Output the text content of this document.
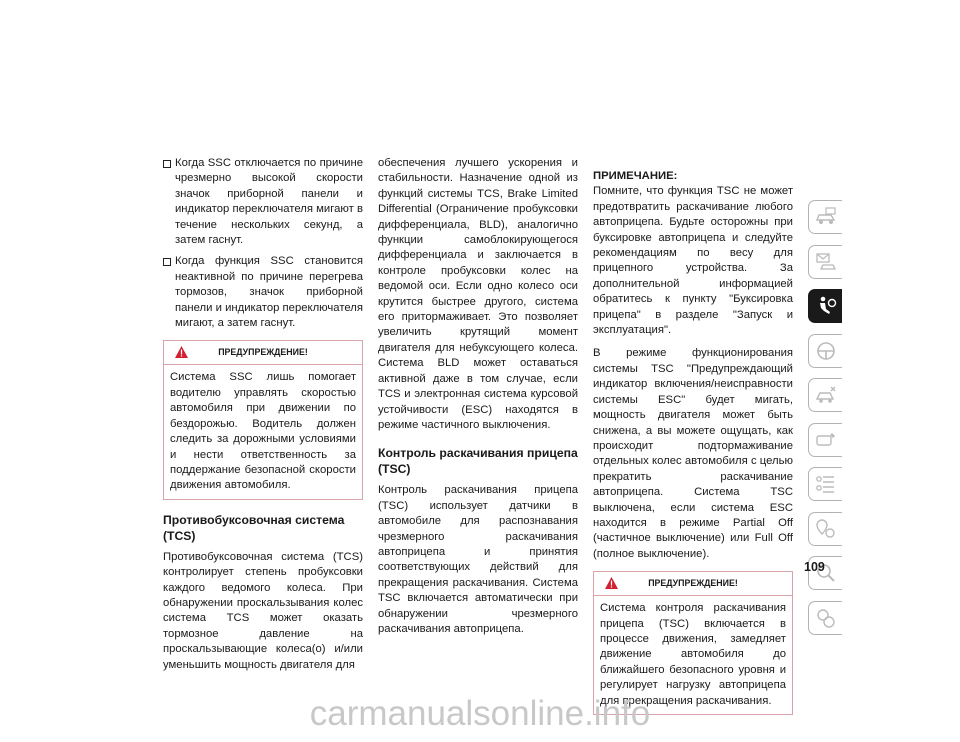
Когда SSC отключается по причине чрезмерно высокой скорости значок приборной панели и индикатор переключателя мигают в течение нескольких секунд, а затем гаснут.
Когда функция SSC становится неактивной по причине перегрева тормозов, значок приборной панели и индикатор переключателя мигают, а затем гаснут.
ПРЕДУПРЕЖДЕНИЕ!
Система SSC лишь помогает водителю управлять скоростью автомобиля при движении по бездорожью. Водитель должен следить за дорожными условиями и нести ответственность за поддержание безопасной скорости движения автомобиля.
Противобуксовочная система (TCS)

Противобуксовочная система (TCS) контролирует степень пробуксовки каждого ведомого колеса. При обнаружении проскальзывания колес система TCS может оказать тормозное давление на проскальзывающие колеса(о) и/или уменьшить мощность двигателя для

обеспечения лучшего ускорения и стабильности. Назначение одной из функций системы TCS, Brake Limited Differential (Ограничение пробуксовки дифференциала, BLD), аналогично функции самоблокирующегося дифференциала и заключается в контроле пробуксовки колес на ведомой оси. Если одно колесо оси крутится быстрее другого, система его притормаживает. Это позволяет увеличить крутящий момент двигателя для небуксующего колеса. Система BLD может оставаться активной даже в том случае, если TCS и электронная система курсовой устойчивости (ESC) находятся в режиме частичного выключения.

Контроль раскачивания прицепа (TSC)

Контроль раскачивания прицепа (TSC) использует датчики в автомобиле для распознавания чрезмерного раскачивания автоприцепа и принятия соответствующих действий для прекращения раскачивания. Система TSC включается автоматически при обнаружении чрезмерного раскачивания автоприцепа.

ПРИМЕЧАНИЕ:

Помните, что функция TSC не может предотвратить раскачивание любого автоприцепа. Будьте осторожны при буксировке автоприцепа и следуйте рекомендациям по весу для прицепного устройства. За дополнительной информацией обратитесь к пункту "Буксировка прицепа" в разделе "Запуск и эксплуатация".

В режиме функционирования системы TSC "Предупреждающий индикатор включения/неисправности системы ESC" будет мигать, мощность двигателя может быть снижена, а вы можете ощущать, как происходит подтормаживание отдельных колес автомобиля с целью прекратить раскачивание автоприцепа. Система TSC выключена, если система ESC находится в режиме Partial Off (частичное выключение) или Full Off (полное выключение).

ПРЕДУПРЕЖДЕНИЕ!
Система контроля раскачивания прицепа (TSC) включается в процессе движения, замедляет движение автомобиля до ближайшего безопасного уровня и регулирует нагрузку автоприцепа для прекращения раскачивания.
109
carmanualsonline.info
